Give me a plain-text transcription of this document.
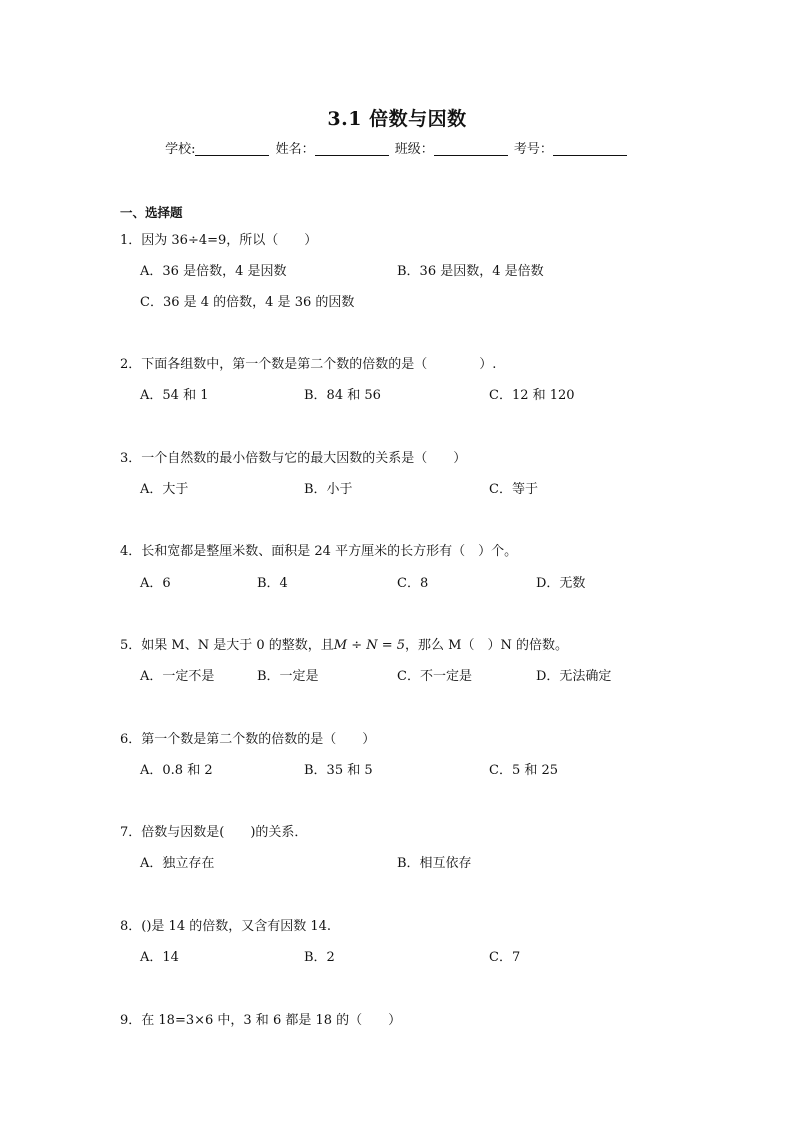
3.1 倍数与因数
学校:	姓名：	班级：	考号：
一、选择题
1．因为 36÷4=9，所以（　　）
A．36 是倍数，4 是因数	B．36 是因数，4 是倍数
C．36 是 4 的倍数，4 是 36 的因数
2．下面各组数中，第一个数是第二个数的倍数的是（　　　　）.
A．54 和 1	B．84 和 56	C．12 和 120
3．一个自然数的最小倍数与它的最大因数的关系是（　　）
A．大于	B．小于	C．等于
4．长和宽都是整厘米数、面积是 24 平方厘米的长方形有（　）个。
A．6	B．4	C．8	D．无数
5．如果 M、N 是大于 0 的整数，且M ÷ N = 5，那么 M（　）N 的倍数。
A．一定不是	B．一定是	C．不一定是	D．无法确定
6．第一个数是第二个数的倍数的是（　　）
A．0.8 和 2	B．35 和 5	C．5 和 25
7．倍数与因数是(　　)的关系．
A．独立存在	B．相互依存
8．()是 14 的倍数，又含有因数 14.
A．14	B．2	C．7
9．在 18=3×6 中，3 和 6 都是 18 的（　　）
